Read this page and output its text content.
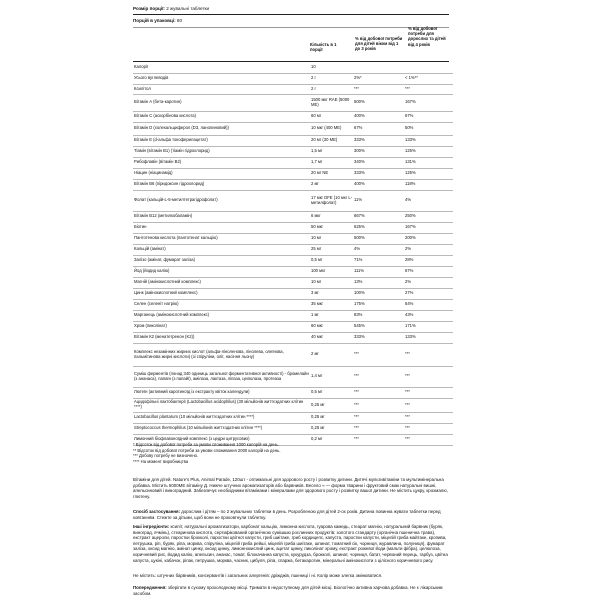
Розмір порції: 2 жувальні таблетки
Порцій в упаковці: 60
Кількість в 1 порції
% від добової потреби для дітей віком від 1 до 3 років
% від добової потреби для дорослих та дітей від 4 років
Калорії	10		
Усього вуглеводів	2 г	2%*	< 1%**
Ксилітол	2 г	***	***
Вітамін А (бета-каротин)	1500 мкг RAE (5000 МЕ)	500%	167%
Вітамін С (аскорбінова кислота)	60 мг	400%	67%
Вітамін D (холекальциферол (D3, ланолиновий))	10 мкг (400 МЕ)	67%	50%
Вітамін Е (d-альфа токоферилацетат)	20 мг (30 МЕ)	333%	133%
Тіамін (вітамін В1) (тіамін гідрохлорид)	1,5 мг	300%	125%
Рибофлавін (вітамін В2)	1,7 мг	340%	131%
Ніацин (ніацинамід)	20 мг NE	333%	125%
Вітамін В6 (піридоксин гідрохлорид)	2 мг	400%	118%
Фолат (кальцій-L-5-метилтетрагідрофолат)	17 мкг DFE (10 мкг L-метилфолат)	11%	4%
Вітамін В12 (метилкобаламін)	6 мкг	667%	250%
Біотин	50 мкг	625%	167%
Пантотенова кислота (пантотенат кальцію)	10 мг	500%	200%
Кальцій (амінат)	25 мг	4%	2%
Залізо (амінат, фумарат заліза)	0,5 мг	71%	28%
Йод (йодид калію)	100 мкг	111%	67%
Магній (амінокислотний комплекс)	10 мг	13%	2%
Цинк (амінокислотний комплекс)	3 мг	100%	27%
Селен (селеніт натрію)	35 мкг	175%	64%
Марганець (амінокислотний комплекс)	1 мг	83%	43%
Хром (пиколінат)	60 мкг	545%	171%
Вітамін К2 (менатетренон (K2))	40 мкг	333%	133%
Комплекс незамінних жирних кислот (альфа-ліноленова, лінолева, олеїнова, пальмітинова жирні кислоти) (зі спіруліни, олії, насіння льону)	2 мг	***	***
Суміш ферментів (понад 340 одиниць загальної ферментативної активності) - бромелайн (з ананаса), папаїн (з папайї), амілаза, лактаза, ліпаза, целюлаза, протеаза	1,4 мг	***	***
Лютеїн (активний каротиноїд із екстракту квіток календули)	0,5 мг	***	***
Ацидофільні лактобактерії (Lactobacillus acidophilus) (30 мільйонів життєздатних клітин ****)	0,25 мг	***	***
Lactobacillus plantarum (10 мільйонів життєздатних клітин ****)	0,25 мг	***	***
Streptococcus thermophilus (10 мільйонів життєздатних клітин ****)	0,25 мг	***	***
Лимонний біофлавоноїдний комплекс (з цедри цитрусових)	0,2 мг	***	***
* Відсоток від добової потреби за умови споживання 1000 калорій на день.
** Відсоток від добової потреби за умови споживання 2000 калорій на день.
*** Добову потребу не визначено.
**** На момент виробництва
Вітаміни для дітей. Nature's Plus, Animal Parade, 120шт - оптимальні для здорового росту і розвитку дитини. Дитячі мультивітаміни та мультимінеральна добавка. Містить 5000МЕ вітаміну Д. Нижче штучних ароматизаторів або барвників. Весело ≈ — форма тварини і фруктовий смак натуральні вишні, апельсиновий і виноградний. Забезпечує необхідними вітамінами і мінералами для здорового росту і розвитку вашої дитини. Не містить цукру, крохмалю, глютену.
Спосіб застосування: дорослим і дітям – по 2 жувальних таблетки в день. Розробленою для дітей 2-ох років. Дитина повинна жувати таблетки перед ковтанням. Стежте за дітьми, щоб вони не проковтнули таблетку.
Інші інгредієнти: ксиліт, натуральні ароматизатори, карбонат кальцію, лимонна кислота, гуарова камедь, стеарат магнію, натуральний барвник (буряк, виноград, ячмінь), стеаринова кислота, сертифікований органічною сумішшю рослинних продуктів: золотого стандарту (органічна пшенична трава), екстракт ацероли, паростки брокколі, паростки цвітної капусти, гриб шиітаке, гриб кордицепс, капуста, паростки капусти, міцелій гриба майтаке, кропива, петрушка, ріп, буряк, ріпа, морква, спіруліна, міцелій гриба рейші, міцелій гриба шиітаке, шпинат, томатний сік, чорниця, журавлина, полуниця), фумарат заліза, оксид магнію, амінат цинку, оксид цинку, лимоннокислий цинк, ацетат цинку, пиколінат хрому, екстракт рожевої йоди (мальти фібра), целюлоза, коричневий рис, йодид калію, апельсин, ананас, томат, білокачанна капуста, кукурудза, брокколі, шпинат, чорниця, батат, червоний перець, гарбуз, цвітна капуста, цукіні, кабачок, ріпак, петрушка, морква, часник, цибуля, ріпа, спаржа, бетакаротин, мінеральні амінокислоти з цілісного коричневого рису.
Не містить: штучних барвників, консервантів і загальних алергенів: дріжджів, пшениці і ні. Колір може злегка змінюватися.
Попередження: зберігати в сухому прохолодному місці. Тримати в недоступному для дітей місці. Біологічно активна харчова добавка. Не є лікарським засобом.
